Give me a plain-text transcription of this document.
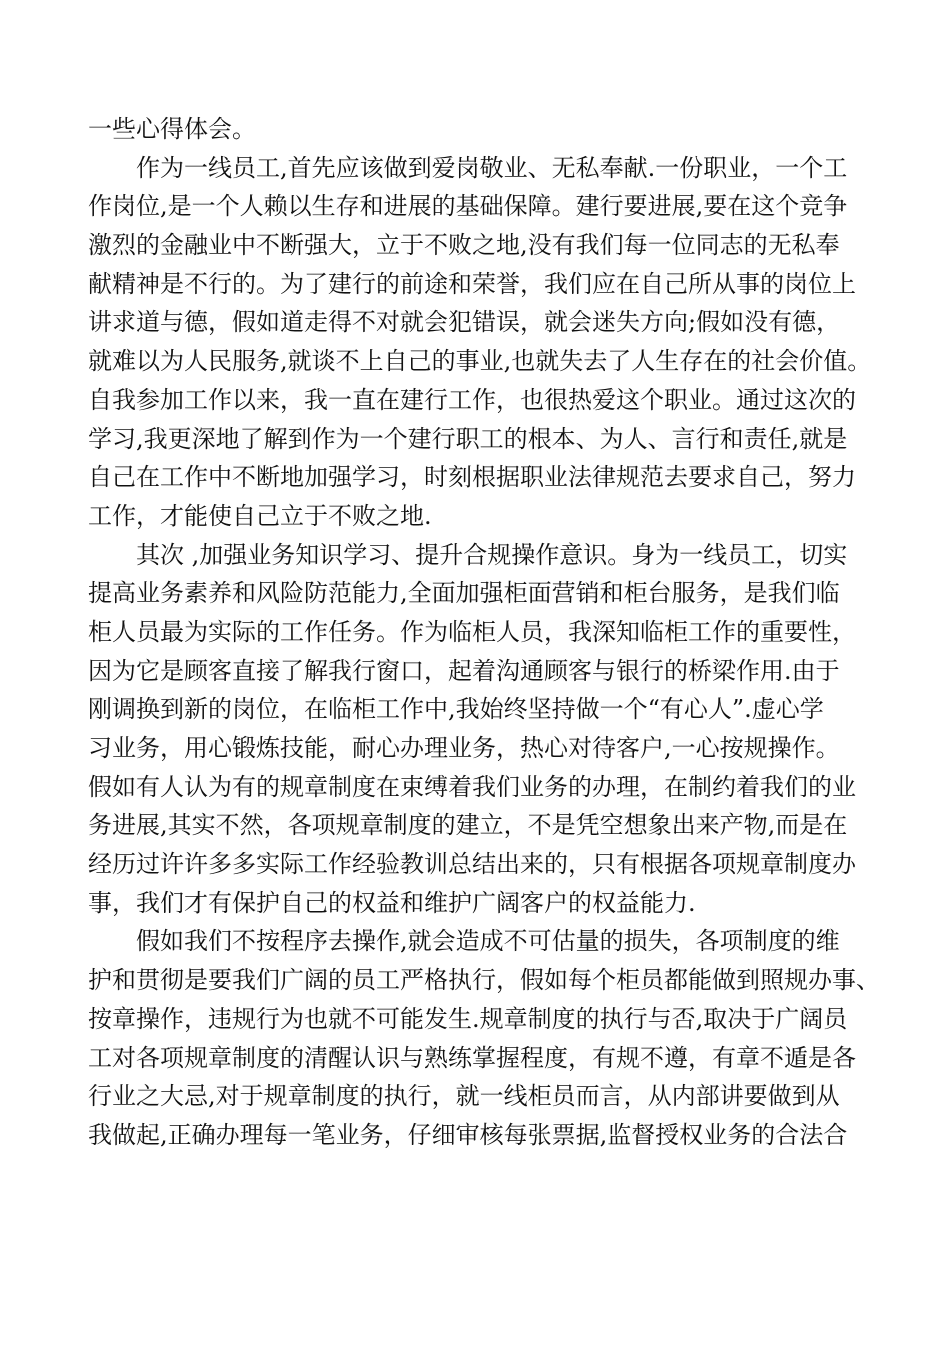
一些心得体会。
作为一线员工,首先应该做到爱岗敬业、无私奉献.一份职业，一个工
作岗位,是一个人赖以生存和进展的基础保障。建行要进展,要在这个竞争
激烈的金融业中不断强大，立于不败之地,没有我们每一位同志的无私奉
献精神是不行的。为了建行的前途和荣誉，我们应在自己所从事的岗位上
讲求道与德，假如道走得不对就会犯错误，就会迷失方向;假如没有德，
就难以为人民服务,就谈不上自己的事业,也就失去了人生存在的社会价值。
自我参加工作以来，我一直在建行工作，也很热爱这个职业。通过这次的
学习,我更深地了解到作为一个建行职工的根本、为人、言行和责任,就是
自己在工作中不断地加强学习，时刻根据职业法律规范去要求自己，努力
工作，才能使自己立于不败之地.
其次 ,加强业务知识学习、提升合规操作意识。身为一线员工，切实
提高业务素养和风险防范能力,全面加强柜面营销和柜台服务，是我们临
柜人员最为实际的工作任务。作为临柜人员，我深知临柜工作的重要性，
因为它是顾客直接了解我行窗口，起着沟通顾客与银行的桥梁作用.由于
刚调换到新的岗位，在临柜工作中,我始终坚持做一个“有心人”.虚心学
习业务，用心锻炼技能，耐心办理业务，热心对待客户,一心按规操作。
假如有人认为有的规章制度在束缚着我们业务的办理，在制约着我们的业
务进展,其实不然，各项规章制度的建立，不是凭空想象出来产物,而是在
经历过许许多多实际工作经验教训总结出来的，只有根据各项规章制度办
事，我们才有保护自己的权益和维护广阔客户的权益能力.
假如我们不按程序去操作,就会造成不可估量的损失，各项制度的维
护和贯彻是要我们广阔的员工严格执行，假如每个柜员都能做到照规办事、
按章操作，违规行为也就不可能发生.规章制度的执行与否,取决于广阔员
工对各项规章制度的清醒认识与熟练掌握程度，有规不遵，有章不遁是各
行业之大忌,对于规章制度的执行，就一线柜员而言，从内部讲要做到从
我做起,正确办理每一笔业务，仔细审核每张票据,监督授权业务的合法合
